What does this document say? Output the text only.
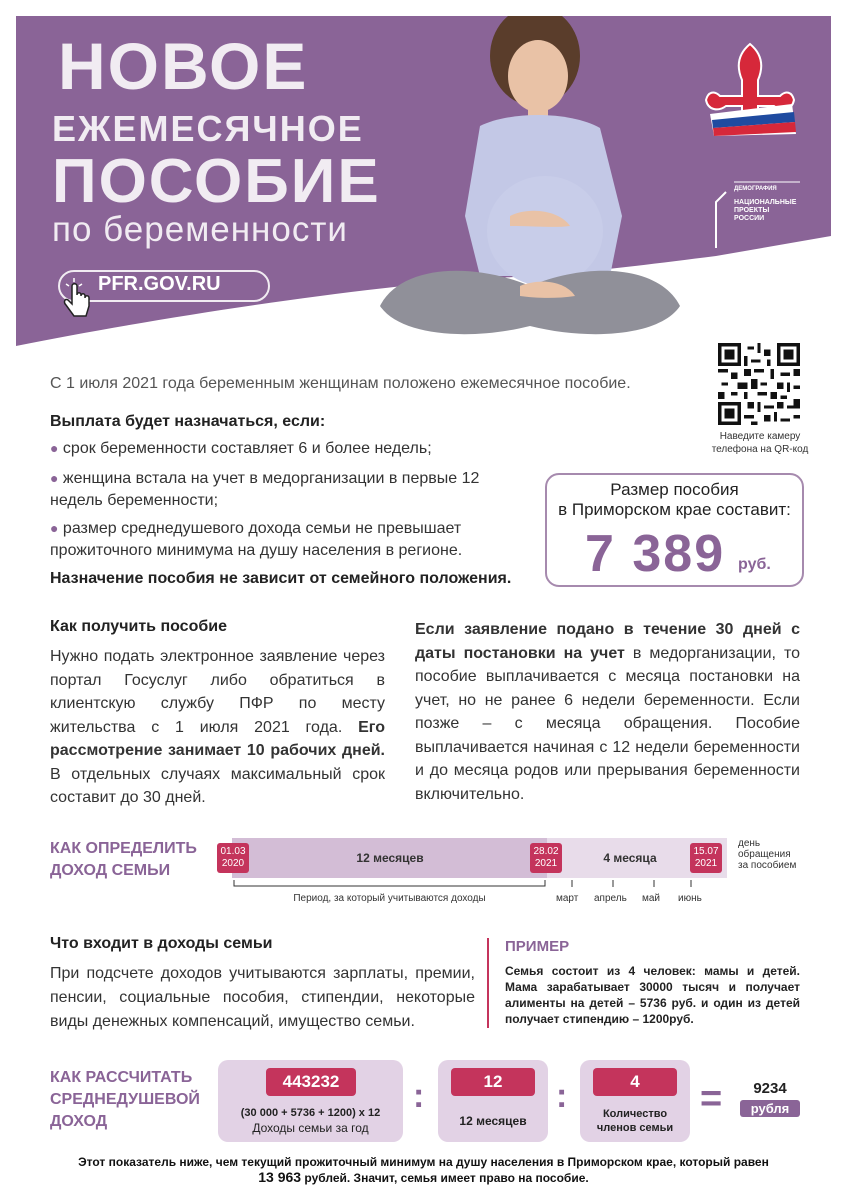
НОВОЕ
ЕЖЕМЕСЯЧНОЕ
ПОСОБИЕ
по беременности
PFR.GOV.RU
ДЕМОГРАФИЯ
НАЦИОНАЛЬНЫЕ
ПРОЕКТЫ
РОССИИ
Наведите камеру
телефона на QR-код
С 1 июля 2021 года беременным женщинам положено ежемесячное пособие.
Выплата будет назначаться, если:
● срок беременности составляет 6 и более недель;
● женщина встала на учет в медорганизации в первые 12 недель беременности;
● размер среднедушевого дохода семьи не превышает прожиточного минимума на душу населения в регионе.
Назначение пособия не зависит от семейного положения.
Размер пособия
в Приморском крае составит:
7 389 руб.
Как получить пособие
Нужно подать электронное заявление через портал Госуслуг либо обратиться в клиентскую службу ПФР по месту жительства с 1 июля 2021 года. Его рассмотрение занимает 10 рабочих дней. В отдельных случаях максимальный срок составит до 30 дней.
Если заявление подано в течение 30 дней с даты постановки на учет в медорганизации, то пособие выплачивается с месяца постановки на учет, но не ранее 6 недели беременности. Если позже – с месяца обращения. Пособие выплачивается начиная с 12 недели беременности и до месяца родов или прерывания беременности включительно.
КАК ОПРЕДЕЛИТЬ
ДОХОД СЕМЬИ
01.03
2020
28.02
2021
15.07
2021
12 месяцев	4 месяца
день
обращения
за пособием
Период, за который учитываются доходы	март апрель май июнь
Что входит в доходы семьи
При подсчете доходов учитываются зарплаты, премии, пенсии, социальные пособия, стипендии, некоторые виды денежных компенсаций, имущество семьи.
ПРИМЕР
Семья состоит из 4 человек: мамы и детей. Мама зарабатывает 30000 тысяч и получает алименты на детей – 5736 руб. и один из детей получает стипендию – 1200руб.
КАК РАССЧИТАТЬ
СРЕДНЕДУШЕВОЙ
ДОХОД
443232	12	4
(30 000 + 5736 + 1200) х 12
Доходы семьи за год	12 месяцев	Количество
членов семьи
:	:	=	9234
рубля
Этот показатель ниже, чем текущий прожиточный минимум на душу населения в Приморском крае, который равен
13 963 рублей. Значит, семья имеет право на пособие.
